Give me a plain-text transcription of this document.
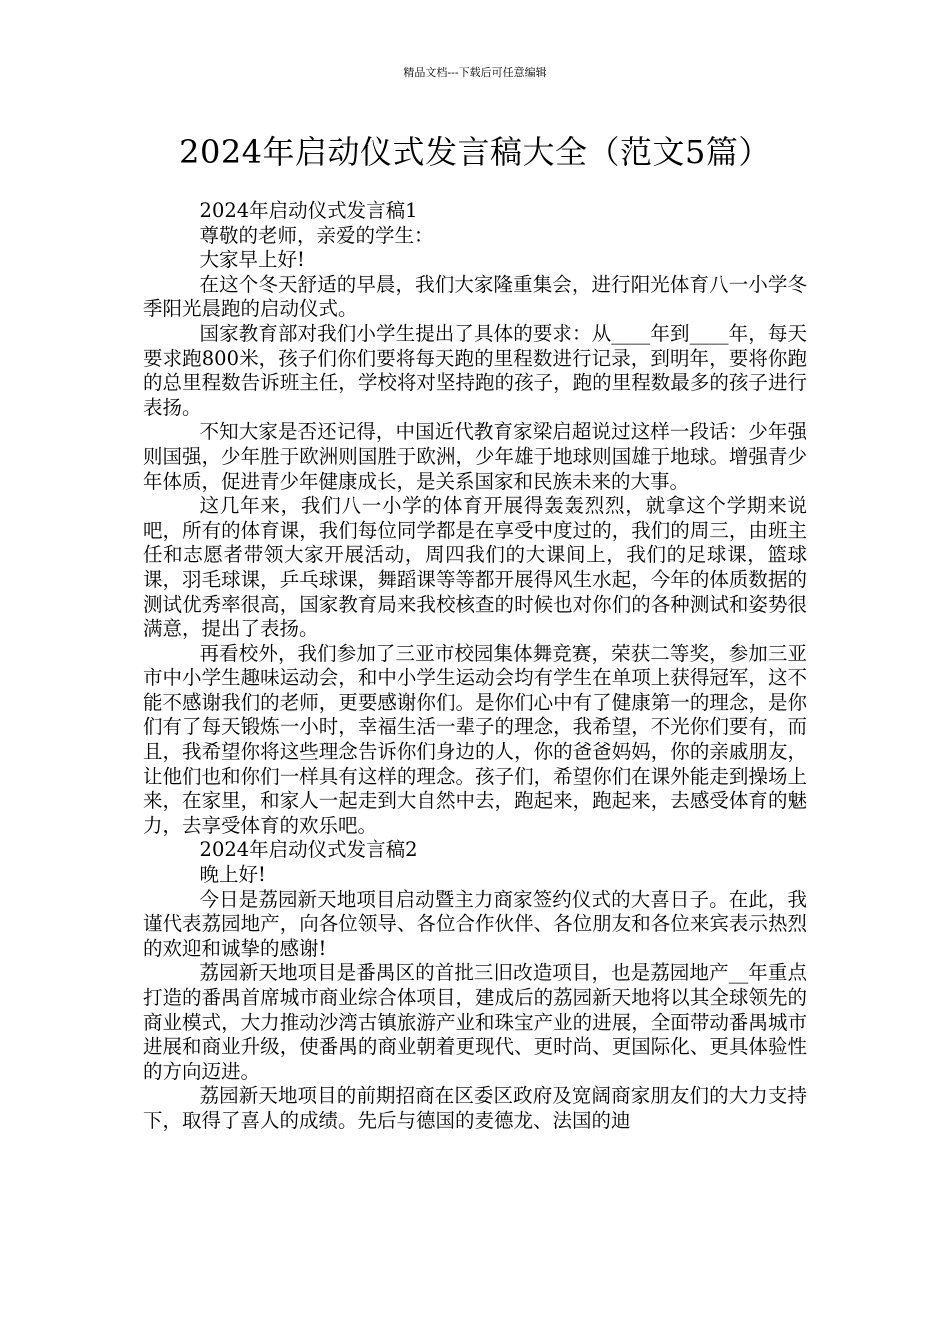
精品文档---下载后可任意编辑
2024年启动仪式发言稿大全（范文5篇）

2024年启动仪式发言稿1

尊敬的老师，亲爱的学生：

大家早上好!

在这个冬天舒适的早晨，我们大家隆重集会，进行阳光体育八一小学冬季阳光晨跑的启动仪式。

国家教育部对我们小学生提出了具体的要求：从____年到____年，每天要求跑800米，孩子们你们要将每天跑的里程数进行记录，到明年，要将你跑的总里程数告诉班主任，学校将对坚持跑的孩子，跑的里程数最多的孩子进行表扬。

不知大家是否还记得，中国近代教育家梁启超说过这样一段话：少年强则国强，少年胜于欧洲则国胜于欧洲，少年雄于地球则国雄于地球。增强青少年体质，促进青少年健康成长，是关系国家和民族未来的大事。

这几年来，我们八一小学的体育开展得轰轰烈烈，就拿这个学期来说吧，所有的体育课，我们每位同学都是在享受中度过的，我们的周三，由班主任和志愿者带领大家开展活动，周四我们的大课间上，我们的足球课，篮球课，羽毛球课，乒乓球课，舞蹈课等等都开展得风生水起，今年的体质数据的测试优秀率很高，国家教育局来我校核查的时候也对你们的各种测试和姿势很满意，提出了表扬。

再看校外，我们参加了三亚市校园集体舞竞赛，荣获二等奖，参加三亚市中小学生趣味运动会，和中小学生运动会均有学生在单项上获得冠军，这不能不感谢我们的老师，更要感谢你们。是你们心中有了健康第一的理念，是你们有了每天锻炼一小时，幸福生活一辈子的理念，我希望，不光你们要有，而且，我希望你将这些理念告诉你们身边的人，你的爸爸妈妈，你的亲戚朋友，让他们也和你们一样具有这样的理念。孩子们，希望你们在课外能走到操场上来，在家里，和家人一起走到大自然中去，跑起来，跑起来，去感受体育的魅力，去享受体育的欢乐吧。

2024年启动仪式发言稿2

晚上好!

今日是荔园新天地项目启动暨主力商家签约仪式的大喜日子。在此，我谨代表荔园地产，向各位领导、各位合作伙伴、各位朋友和各位来宾表示热烈的欢迎和诚挚的感谢!

荔园新天地项目是番禺区的首批三旧改造项目，也是荔园地产__年重点打造的番禺首席城市商业综合体项目，建成后的荔园新天地将以其全球领先的商业模式，大力推动沙湾古镇旅游产业和珠宝产业的进展，全面带动番禺城市进展和商业升级，使番禺的商业朝着更现代、更时尚、更国际化、更具体验性的方向迈进。

荔园新天地项目的前期招商在区委区政府及宽阔商家朋友们的大力支持下，取得了喜人的成绩。先后与德国的麦德龙、法国的迪
